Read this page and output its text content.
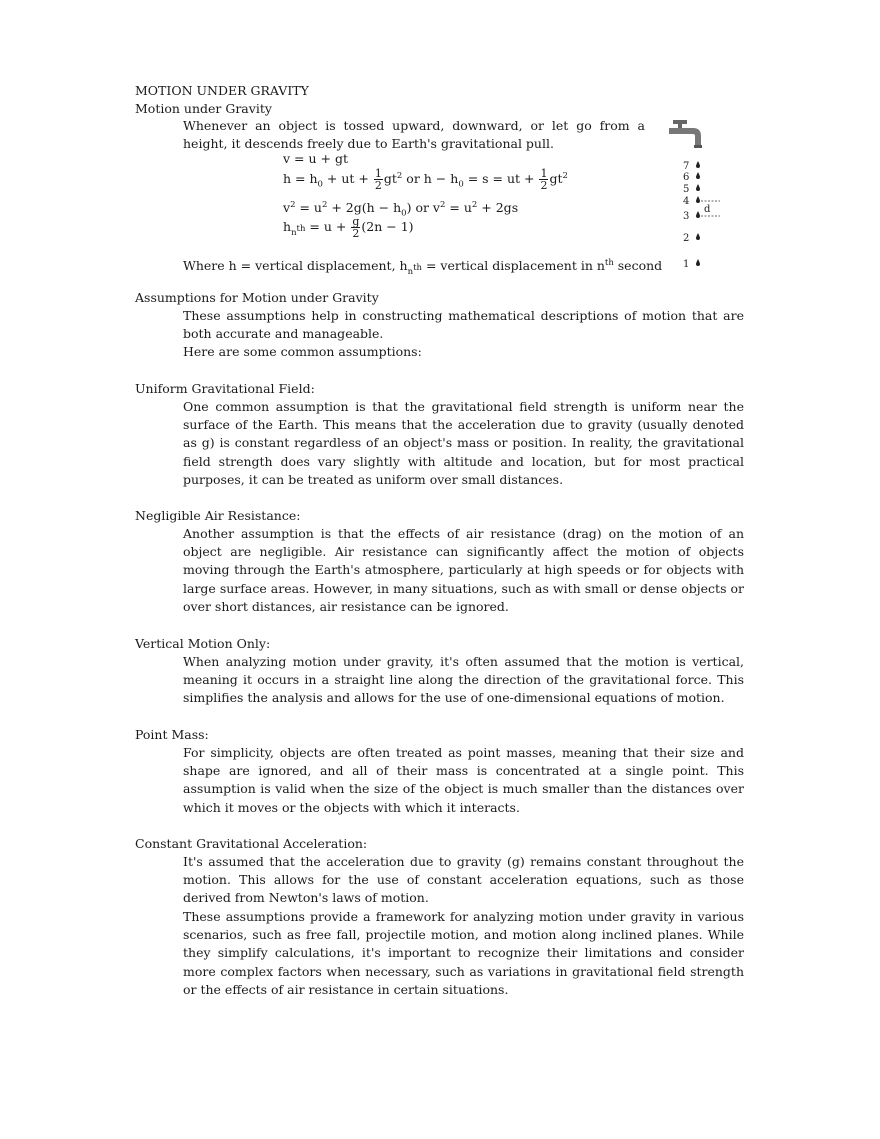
MOTION UNDER GRAVITY
Motion under Gravity
Whenever an object is tossed upward, downward, or let go from a height, it descends freely due to Earth's gravitational pull.
v = u + gt
$h = h_0$ + ut + $\frac{1}{2} gt^2$ or $h - h_0 = s$ = ut + $\frac{1}{2} gt^2$
$v^2 = u^2 + 2g(h - h_0)$ or $v^2 = u^2 + 2gs$
$h_{n^{th}} = u + \frac{g}{2} (2n - 1)$
Where h = vertical displacement, $h_{n^{th}}$ = vertical displacement in $n^{th}$ second
7
6
5
4
3
2
1
d
Assumptions for Motion under Gravity
These assumptions help in constructing mathematical descriptions of motion that are both accurate and manageable.
Here are some common assumptions:
Uniform Gravitational Field:
One common assumption is that the gravitational field strength is uniform near the surface of the Earth. This means that the acceleration due to gravity (usually denoted as g) is constant regardless of an object's mass or position. In reality, the gravitational field strength does vary slightly with altitude and location, but for most practical purposes, it can be treated as uniform over small distances.
Negligible Air Resistance:
Another assumption is that the effects of air resistance (drag) on the motion of an object are negligible. Air resistance can significantly affect the motion of objects moving through the Earth's atmosphere, particularly at high speeds or for objects with large surface areas. However, in many situations, such as with small or dense objects or over short distances, air resistance can be ignored.
Vertical Motion Only:
When analyzing motion under gravity, it's often assumed that the motion is vertical, meaning it occurs in a straight line along the direction of the gravitational force. This simplifies the analysis and allows for the use of one-dimensional equations of motion.
Point Mass:
For simplicity, objects are often treated as point masses, meaning that their size and shape are ignored, and all of their mass is concentrated at a single point. This assumption is valid when the size of the object is much smaller than the distances over which it moves or the objects with which it interacts.
Constant Gravitational Acceleration:
It's assumed that the acceleration due to gravity (g) remains constant throughout the motion. This allows for the use of constant acceleration equations, such as those derived from Newton's laws of motion.
These assumptions provide a framework for analyzing motion under gravity in various scenarios, such as free fall, projectile motion, and motion along inclined planes. While they simplify calculations, it's important to recognize their limitations and consider more complex factors when necessary, such as variations in gravitational field strength or the effects of air resistance in certain situations.
